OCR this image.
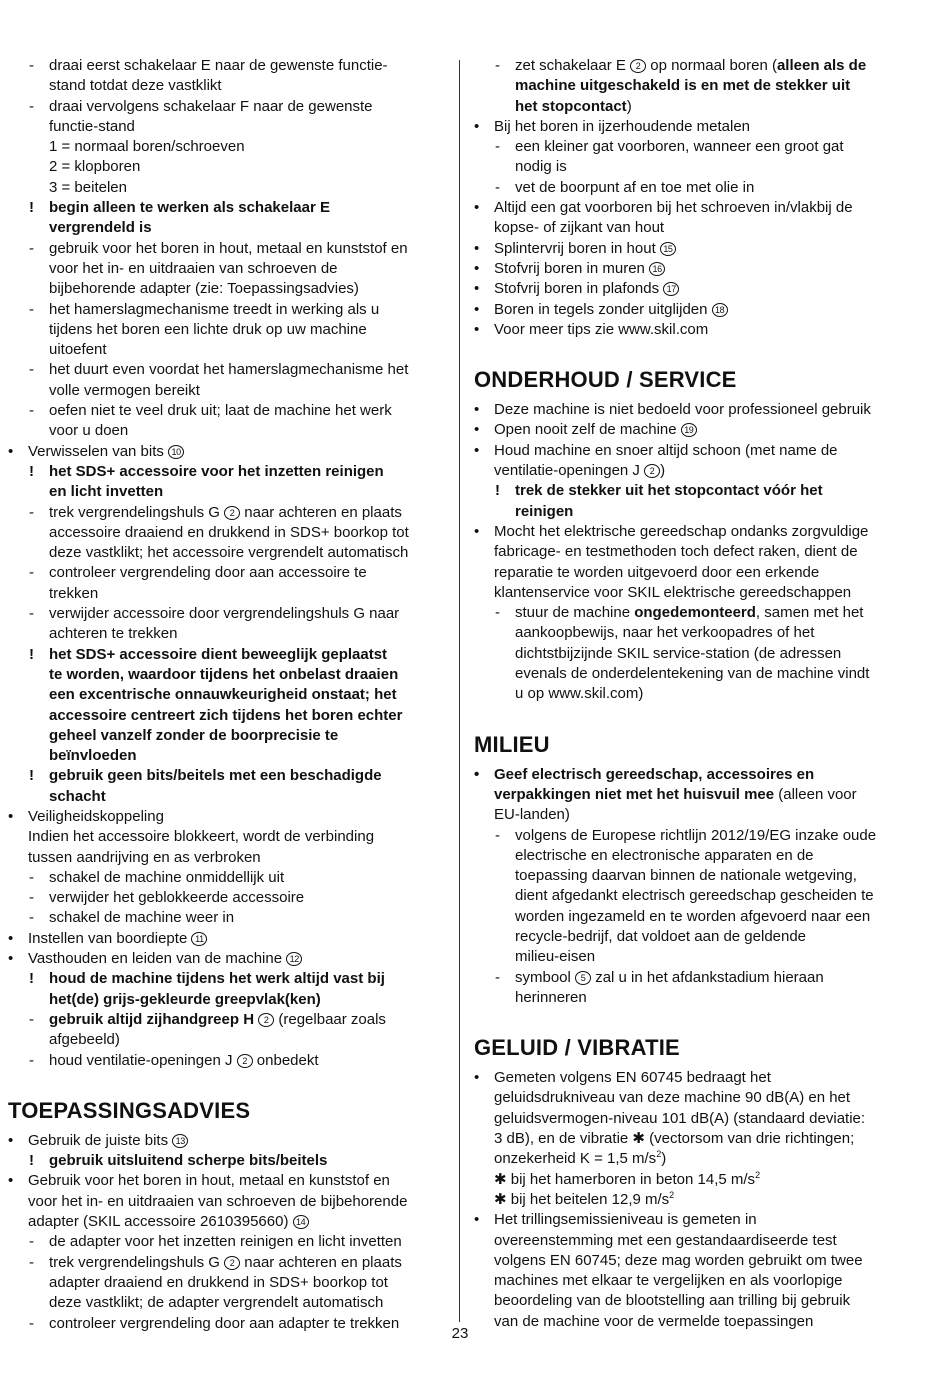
- draai eerst schakelaar E naar de gewenste functie-
stand totdat deze vastklikt
- draai vervolgens schakelaar F naar de gewenste
functie-stand
1 = normaal boren/schroeven
2 = klopboren
3 = beitelen
! begin alleen te werken als schakelaar E
vergrendeld is
- gebruik voor het boren in hout, metaal en kunststof en
voor het in- en uitdraaien van schroeven de
bijbehorende adapter (zie: Toepassingsadvies)
- het hamerslagmechanisme treedt in werking als u
tijdens het boren een lichte druk op uw machine
uitoefent
- het duurt even voordat het hamerslagmechanisme het
volle vermogen bereikt
- oefen niet te veel druk uit; laat de machine het werk
voor u doen
• Verwisselen van bits 10
! het SDS+ accessoire voor het inzetten reinigen
en licht invetten
- trek vergrendelingshuls G 2 naar achteren en plaats
accessoire draaiend en drukkend in SDS+ boorkop tot
deze vastklikt; het accessoire vergrendelt automatisch
- controleer vergrendeling door aan accessoire te
trekken
- verwijder accessoire door vergrendelingshuls G naar
achteren te trekken
! het SDS+ accessoire dient beweeglijk geplaatst
te worden, waardoor tijdens het onbelast draaien
een excentrische onnauwkeurigheid onstaat; het
accessoire centreert zich tijdens het boren echter
geheel vanzelf zonder de boorprecisie te
beïnvloeden
! gebruik geen bits/beitels met een beschadigde
schacht
• Veiligheidskoppeling
Indien het accessoire blokkeert, wordt de verbinding
tussen aandrijving en as verbroken
- schakel de machine onmiddellijk uit
- verwijder het geblokkeerde accessoire
- schakel de machine weer in
• Instellen van boordiepte 11
• Vasthouden en leiden van de machine 12
! houd de machine tijdens het werk altijd vast bij
het(de) grijs-gekleurde greepvlak(ken)
- gebruik altijd zijhandgreep H 2 (regelbaar zoals
afgebeeld)
- houd ventilatie-openingen J 2 onbedekt
TOEPASSINGSADVIES
• Gebruik de juiste bits 13
! gebruik uitsluitend scherpe bits/beitels
• Gebruik voor het boren in hout, metaal en kunststof en
voor het in- en uitdraaien van schroeven de bijbehorende
adapter (SKIL accessoire 2610395660) 14
- de adapter voor het inzetten reinigen en licht invetten
- trek vergrendelingshuls G 2 naar achteren en plaats
adapter draaiend en drukkend in SDS+ boorkop tot
deze vastklikt; de adapter vergrendelt automatisch
- controleer vergrendeling door aan adapter te trekken
- zet schakelaar E 2 op normaal boren (alleen als de
machine uitgeschakeld is en met de stekker uit
het stopcontact)
• Bij het boren in ijzerhoudende metalen
- een kleiner gat voorboren, wanneer een groot gat
nodig is
- vet de boorpunt af en toe met olie in
• Altijd een gat voorboren bij het schroeven in/vlakbij de
kopse- of zijkant van hout
• Splintervrij boren in hout 15
• Stofvrij boren in muren 16
• Stofvrij boren in plafonds 17
• Boren in tegels zonder uitglijden 18
• Voor meer tips zie www.skil.com
ONDERHOUD / SERVICE
• Deze machine is niet bedoeld voor professioneel gebruik
• Open nooit zelf de machine 19
• Houd machine en snoer altijd schoon (met name de
ventilatie-openingen J 2 )
! trek de stekker uit het stopcontact vóór het
reinigen
• Mocht het elektrische gereedschap ondanks zorgvuldige
fabricage- en testmethoden toch defect raken, dient de
reparatie te worden uitgevoerd door een erkende
klantenservice voor SKIL elektrische gereedschappen
- stuur de machine ongedemonteerd, samen met het
aankoopbewijs, naar het verkoopadres of het
dichtstbijzijnde SKIL service-station (de adressen
evenals de onderdelentekening van de machine vindt
u op www.skil.com)
MILIEU
• Geef electrisch gereedschap, accessoires en
verpakkingen niet met het huisvuil mee (alleen voor
EU-landen)
- volgens de Europese richtlijn 2012/19/EG inzake oude
electrische en electronische apparaten en de
toepassing daarvan binnen de nationale wetgeving,
dient afgedankt electrisch gereedschap gescheiden te
worden ingezameld en te worden afgevoerd naar een
recycle-bedrijf, dat voldoet aan de geldende
milieu-eisen
- symbool 5 zal u in het afdankstadium hieraan
herinneren
GELUID / VIBRATIE
• Gemeten volgens EN 60745 bedraagt het
geluidsdrukniveau van deze machine 90 dB(A) en het
geluidsvermogen-niveau 101 dB(A) (standaard deviatie:
3 dB), en de vibratie ✱ (vectorsom van drie richtingen;
onzekerheid K = 1,5 $m/s^2$)
✱ bij het hamerboren in beton 14,5 $m/s^2$
✱ bij het beitelen 12,9 $m/s^2$
• Het trillingsemissieniveau is gemeten in
overeenstemming met een gestandaardiseerde test
volgens EN 60745; deze mag worden gebruikt om twee
machines met elkaar te vergelijken en als voorlopige
beoordeling van de blootstelling aan trilling bij gebruik
van de machine voor de vermelde toepassingen
23
